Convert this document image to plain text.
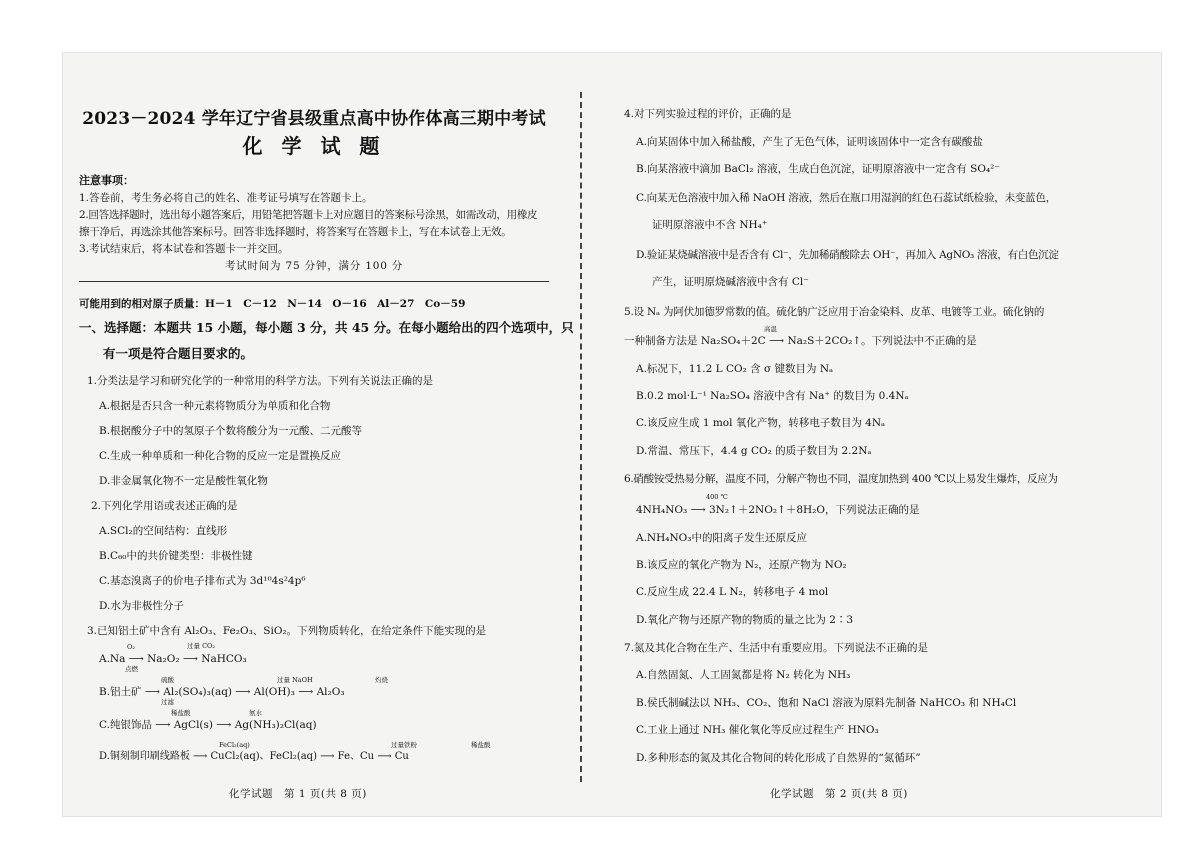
2023－2024 学年辽宁省县级重点高中协作体高三期中考试
化 学 试 题
注意事项：
1.答卷前，考生务必将自己的姓名、准考证号填写在答题卡上。
2.回答选择题时，选出每小题答案后，用铅笔把答题卡上对应题目的答案标号涂黑，如需改动，用橡皮
擦干净后，再选涂其他答案标号。回答非选择题时，将答案写在答题卡上，写在本试卷上无效。
3.考试结束后，将本试卷和答题卡一并交回。
考试时间为 75 分钟，满分 100 分
可能用到的相对原子质量：H－1　C－12　N－14　O－16　Al－27　Co－59
一、选择题：本题共 15 小题，每小题 3 分，共 45 分。在每小题给出的四个选项中，只
有一项是符合题目要求的。
1.分类法是学习和研究化学的一种常用的科学方法。下列有关说法正确的是
A.根据是否只含一种元素将物质分为单质和化合物
B.根据酸分子中的氢原子个数将酸分为一元酸、二元酸等
C.生成一种单质和一种化合物的反应一定是置换反应
D.非金属氧化物不一定是酸性氧化物
2.下列化学用语或表述正确的是
A.SCl₂的空间结构：直线形
B.C₆₀中的共价键类型：非极性键
C.基态溴离子的价电子排布式为 3d¹⁰4s²4p⁶
D.水为非极性分子
3.已知铝土矿中含有 Al₂O₃、Fe₂O₃、SiO₂。下列物质转化，在给定条件下能实现的是
O₂	过量 CO₂
A.Na ⟶ Na₂O₂ ⟶ NaHCO₃
点燃
硫酸	过量 NaOH	灼烧
B.铝土矿 ⟶ Al₂(SO₄)₃(aq) ⟶ Al(OH)₃ ⟶ Al₂O₃
过滤
稀盐酸	氨水
C.纯银饰品 ⟶ AgCl(s) ⟶ Ag(NH₃)₂Cl(aq)
FeCl₃(aq)	过量铁粉	稀盐酸
D.铜刻制印刷线路板 ⟶ CuCl₂(aq)、FeCl₂(aq) ⟶ Fe、Cu ⟶ Cu
化学试题　第 1 页(共 8 页)
4.对下列实验过程的评价，正确的是
A.向某固体中加入稀盐酸，产生了无色气体，证明该固体中一定含有碳酸盐
B.向某溶液中滴加 BaCl₂ 溶液，生成白色沉淀，证明原溶液中一定含有 SO₄²⁻
C.向某无色溶液中加入稀 NaOH 溶液，然后在瓶口用湿润的红色石蕊试纸检验，未变蓝色，
证明原溶液中不含 NH₄⁺
D.验证某烧碱溶液中是否含有 Cl⁻，先加稀硝酸除去 OH⁻，再加入 AgNO₃ 溶液，有白色沉淀
产生，证明原烧碱溶液中含有 Cl⁻
5.设 Nₐ 为阿伏加德罗常数的值。硫化钠广泛应用于冶金染料、皮革、电镀等工业。硫化钠的
高温
一种制备方法是 Na₂SO₄＋2C ⟶ Na₂S＋2CO₂↑。下列说法中不正确的是
A.标况下，11.2 L CO₂ 含 σ 键数目为 Nₐ
B.0.2 mol·L⁻¹ Na₂SO₄ 溶液中含有 Na⁺ 的数目为 0.4Nₐ
C.该反应生成 1 mol 氧化产物，转移电子数目为 4Nₐ
D.常温、常压下，4.4 g CO₂ 的质子数目为 2.2Nₐ
6.硝酸铵受热易分解，温度不同，分解产物也不同，温度加热到 400 ℃以上易发生爆炸，反应为
400 ℃
4NH₄NO₃ ⟶ 3N₂↑＋2NO₂↑＋8H₂O，下列说法正确的是
A.NH₄NO₃中的阳离子发生还原反应
B.该反应的氧化产物为 N₂，还原产物为 NO₂
C.反应生成 22.4 L N₂，转移电子 4 mol
D.氧化产物与还原产物的物质的量之比为 2∶3
7.氮及其化合物在生产、生活中有重要应用。下列说法不正确的是
A.自然固氮、人工固氮都是将 N₂ 转化为 NH₃
B.侯氏制碱法以 NH₃、CO₂、饱和 NaCl 溶液为原料先制备 NaHCO₃ 和 NH₄Cl
C.工业上通过 NH₃ 催化氧化等反应过程生产 HNO₃
D.多种形态的氮及其化合物间的转化形成了自然界的“氮循环”
化学试题　第 2 页(共 8 页)
